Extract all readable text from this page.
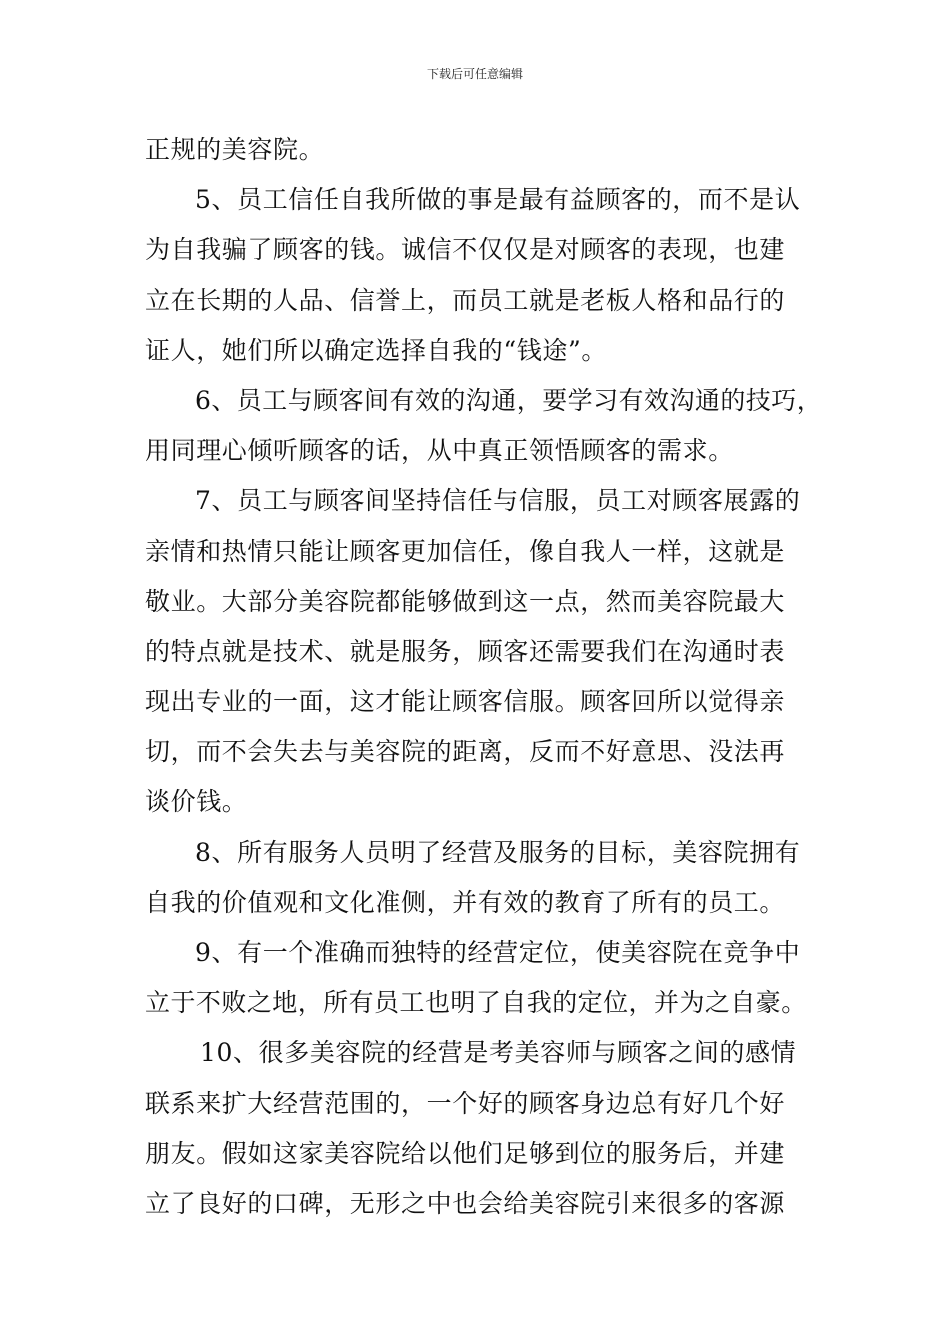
下载后可任意编辑
正规的美容院。
5、员工信任自我所做的事是最有益顾客的，而不是认
为自我骗了顾客的钱。诚信不仅仅是对顾客的表现，也建
立在长期的人品、信誉上，而员工就是老板人格和品行的
证人，她们所以确定选择自我的“钱途”。
6、员工与顾客间有效的沟通，要学习有效沟通的技巧，
用同理心倾听顾客的话，从中真正领悟顾客的需求。
7、员工与顾客间坚持信任与信服，员工对顾客展露的
亲情和热情只能让顾客更加信任，像自我人一样，这就是
敬业。大部分美容院都能够做到这一点，然而美容院最大
的特点就是技术、就是服务，顾客还需要我们在沟通时表
现出专业的一面，这才能让顾客信服。顾客回所以觉得亲
切，而不会失去与美容院的距离，反而不好意思、没法再
谈价钱。
8、所有服务人员明了经营及服务的目标，美容院拥有
自我的价值观和文化准侧，并有效的教育了所有的员工。
9、有一个准确而独特的经营定位，使美容院在竞争中
立于不败之地，所有员工也明了自我的定位，并为之自豪。
10、很多美容院的经营是考美容师与顾客之间的感情
联系来扩大经营范围的，一个好的顾客身边总有好几个好
朋友。假如这家美容院给以他们足够到位的服务后，并建
立了良好的口碑，无形之中也会给美容院引来很多的客源
